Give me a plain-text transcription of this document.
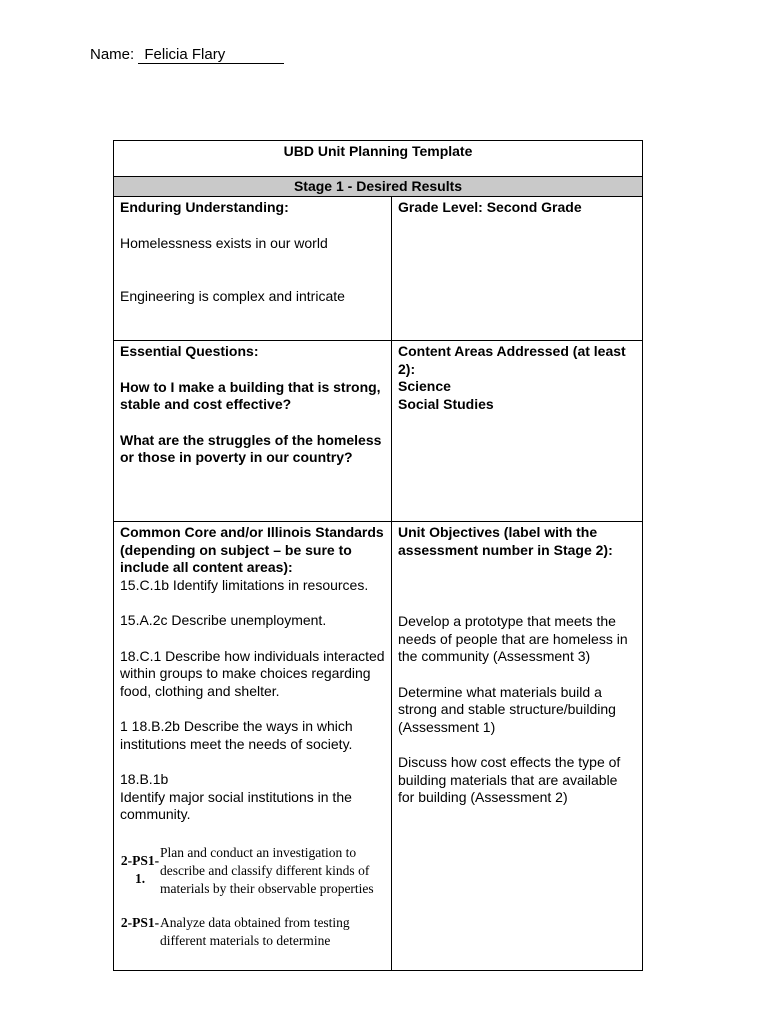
Name: Felicia Flary
UBD Unit Planning Template
Stage 1 - Desired Results

Enduring Understanding:

Homelessness exists in our world

Engineering is complex and intricate

Grade Level: Second Grade

Essential Questions:

How to I make a building that is strong, stable and cost effective?

What are the struggles of the homeless or those in poverty in our country?

Content Areas Addressed (at least 2):

Science

Social Studies

Common Core and/or Illinois Standards (depending on subject – be sure to include all content areas):

15.C.1b Identify limitations in resources.

15.A.2c Describe unemployment.

18.C.1 Describe how individuals interacted within groups to make choices regarding food, clothing and shelter.

1 18.B.2b Describe the ways in which institutions meet the needs of society.

18.B.1b

Identify major social institutions in the community.

2-PS1-1.
Plan and conduct an investigation to describe and classify different kinds of materials by their observable properties
2-PS1- Analyze data obtained from testing different materials to determine

Unit Objectives (label with the assessment number in Stage 2):

Develop a prototype that meets the needs of people that are homeless in the community (Assessment 3)

Determine what materials build a strong and stable structure/building (Assessment 1)

Discuss how cost effects the type of building materials that are available for building (Assessment 2)
